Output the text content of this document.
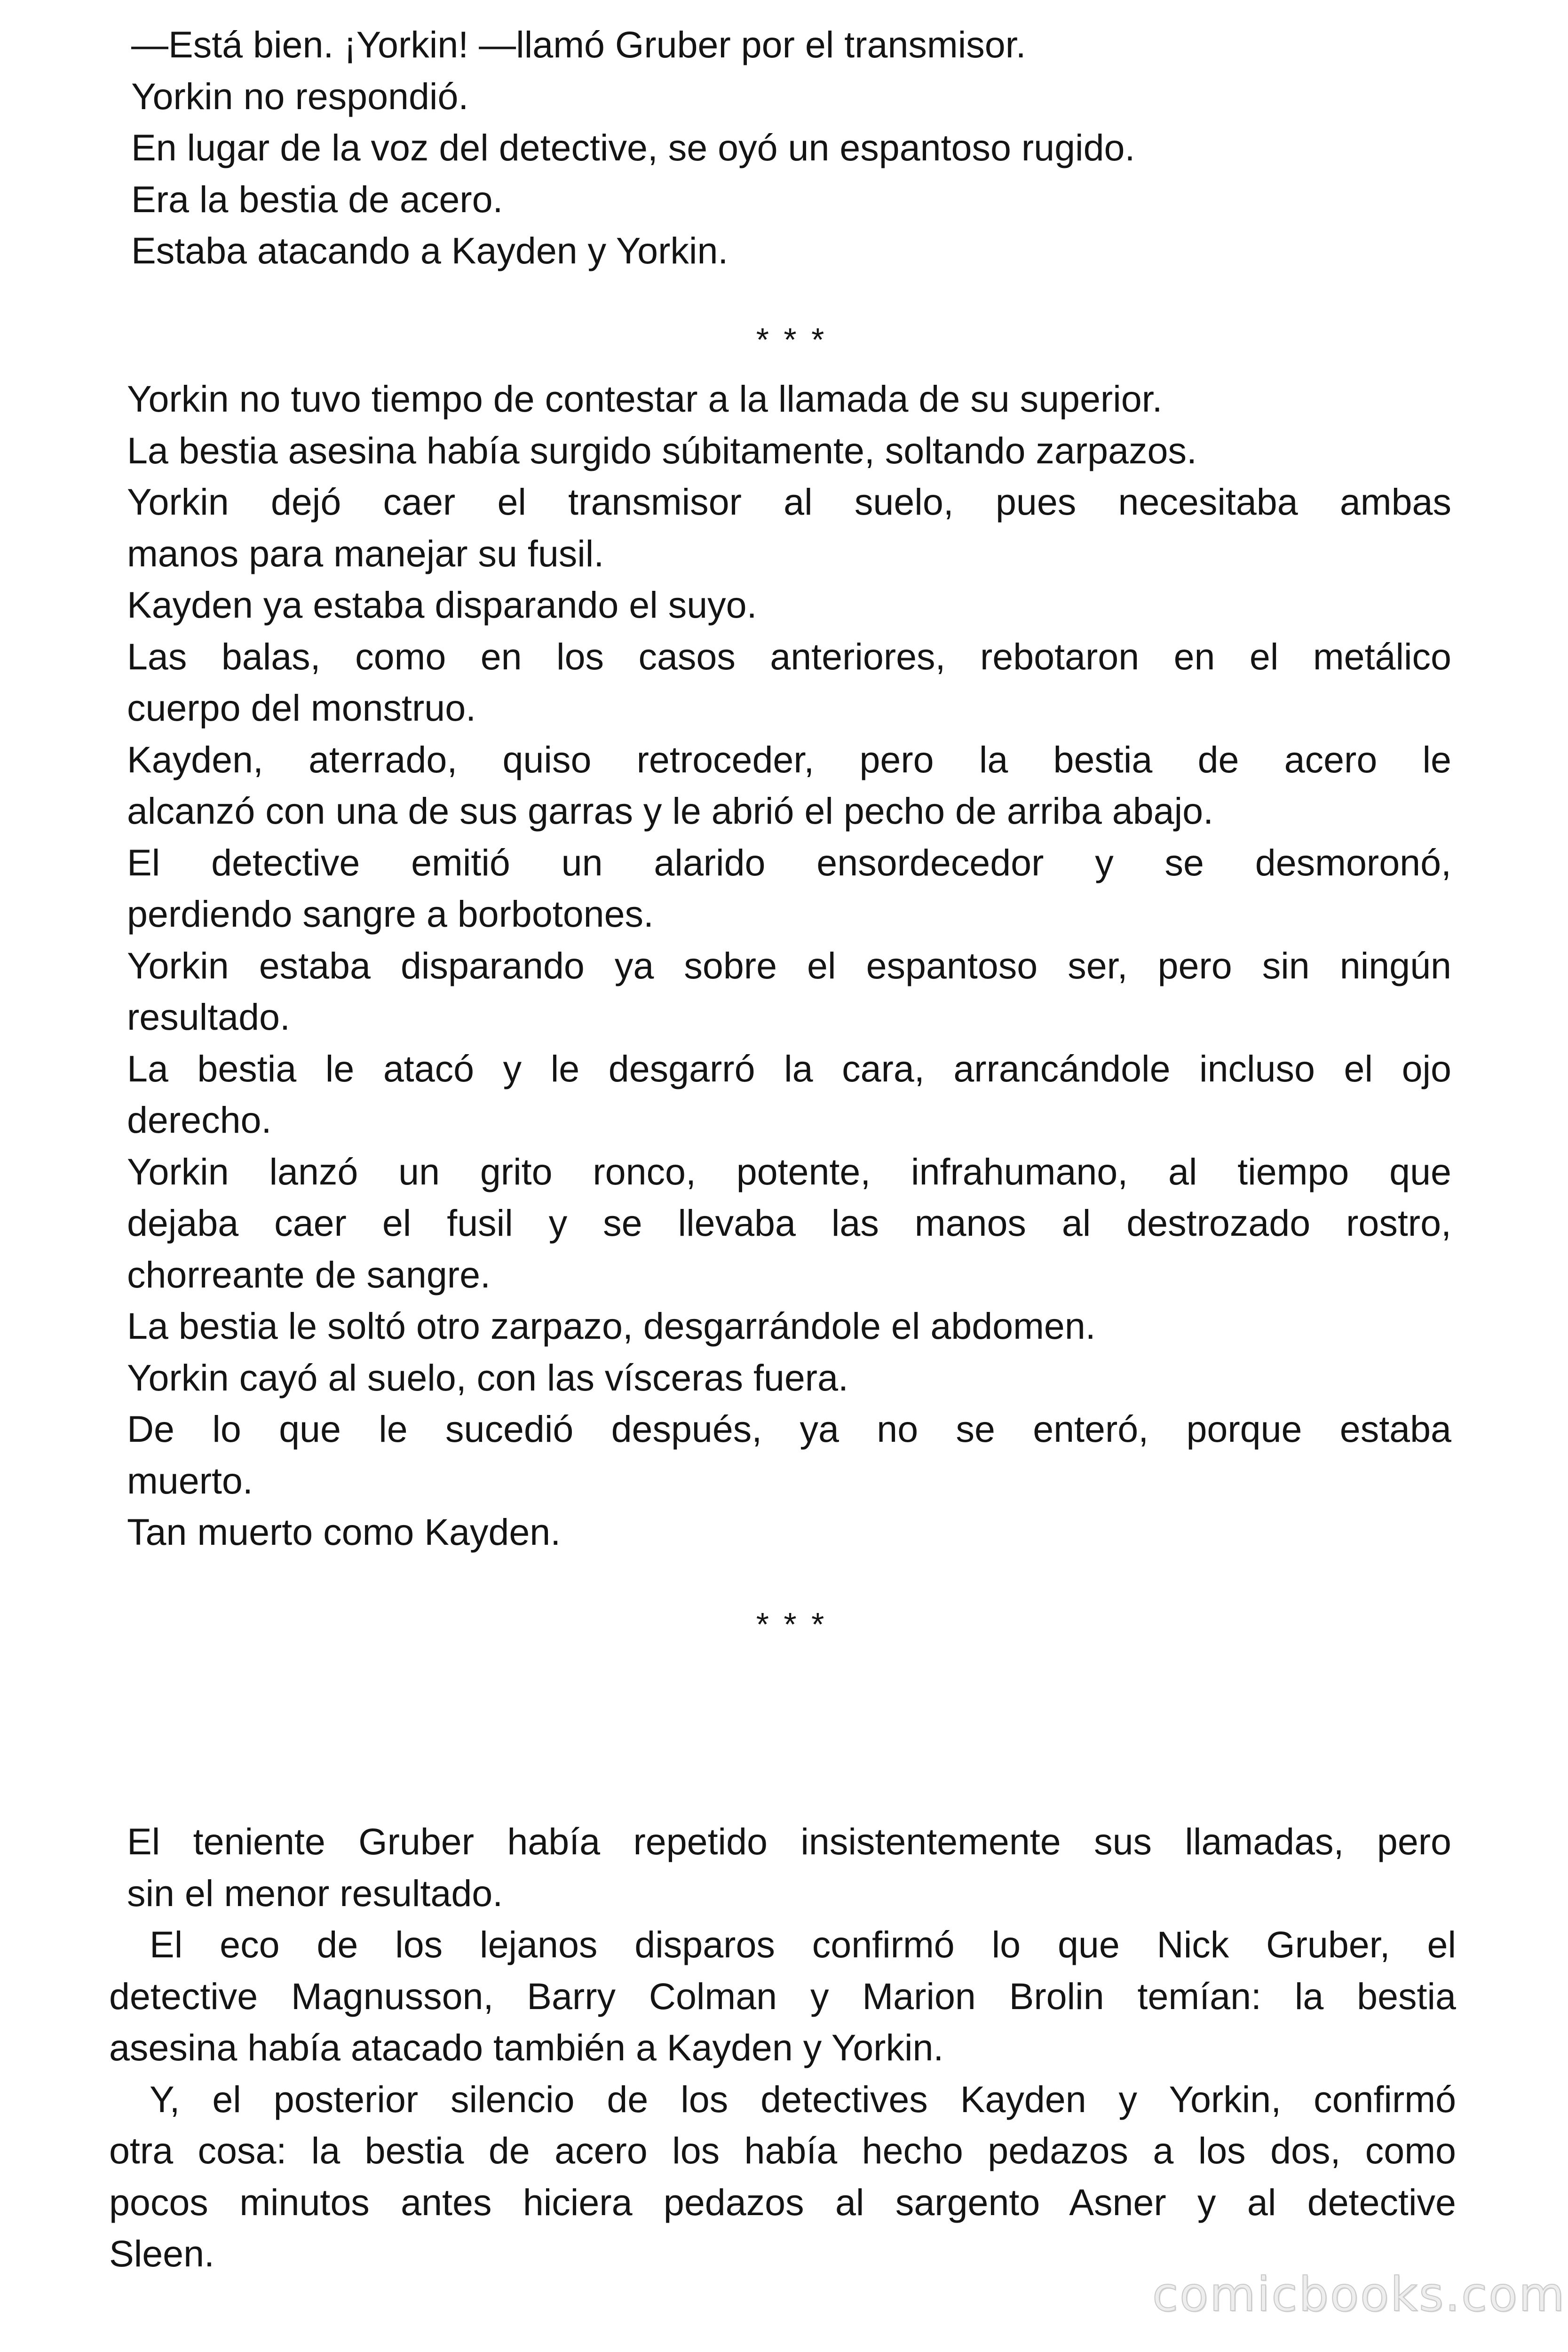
—Está bien. ¡Yorkin! —llamó Gruber por el transmisor.
Yorkin no respondió.
En lugar de la voz del detective, se oyó un espantoso rugido.
Era la bestia de acero.
Estaba atacando a Kayden y Yorkin.
* * *
Yorkin no tuvo tiempo de contestar a la llamada de su superior.
La bestia asesina había surgido súbitamente, soltando zarpazos.
Yorkin dejó caer el transmisor al suelo, pues necesitaba ambas
manos para manejar su fusil.
Kayden ya estaba disparando el suyo.
Las balas, como en los casos anteriores, rebotaron en el metálico
cuerpo del monstruo.
Kayden, aterrado, quiso retroceder, pero la bestia de acero le
alcanzó con una de sus garras y le abrió el pecho de arriba abajo.
El detective emitió un alarido ensordecedor y se desmoronó,
perdiendo sangre a borbotones.
Yorkin estaba disparando ya sobre el espantoso ser, pero sin ningún
resultado.
La bestia le atacó y le desgarró la cara, arrancándole incluso el ojo
derecho.
Yorkin lanzó un grito ronco, potente, infrahumano, al tiempo que
dejaba caer el fusil y se llevaba las manos al destrozado rostro,
chorreante de sangre.
La bestia le soltó otro zarpazo, desgarrándole el abdomen.
Yorkin cayó al suelo, con las vísceras fuera.
De lo que le sucedió después, ya no se enteró, porque estaba
muerto.
Tan muerto como Kayden.
* * *
El teniente Gruber había repetido insistentemente sus llamadas, pero
sin el menor resultado.
El eco de los lejanos disparos confirmó lo que Nick Gruber, el
detective Magnusson, Barry Colman y Marion Brolin temían: la bestia
asesina había atacado también a Kayden y Yorkin.
Y, el posterior silencio de los detectives Kayden y Yorkin, confirmó
otra cosa: la bestia de acero los había hecho pedazos a los dos, como
pocos minutos antes hiciera pedazos al sargento Asner y al detective
Sleen.
comicbooks.com
